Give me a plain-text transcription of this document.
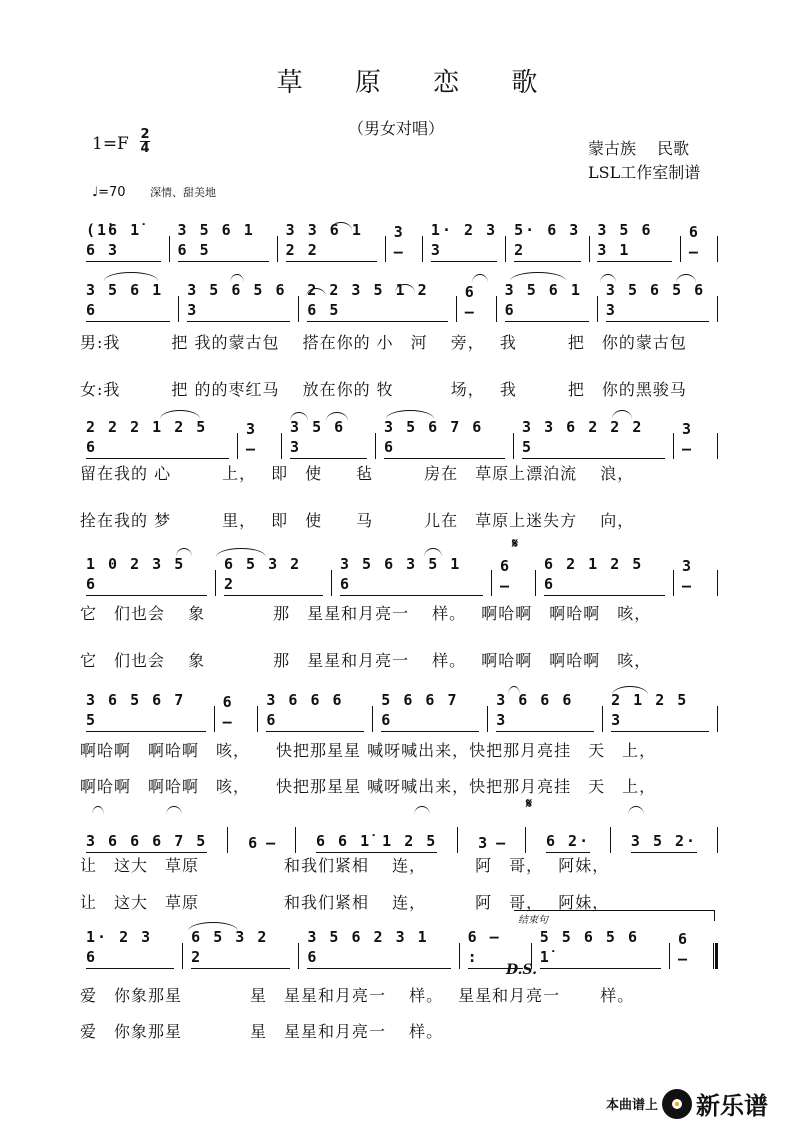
草 原 恋 歌
（男女对唱）
1=F 2
4	蒙古族　 民歌
LSL工作室制谱
♩=70 深情、甜美地
(1̇6 1̇ 6 3
3 5 6 1 6 5
3 3 6 1 2 2
3 –
1· 2 3 3
5· 6 3 2
3 5 6 3 1
6 –
3 5 6 1 6
3 5 6 5 6 3
2 2 3 5 1 2 6 5
6 –
3 5 6 1 6
3 5 6 5 6 3
2 2 2 1 2 5 6
3 –
3 5 6 3
3 5 6 7 6 6
3 3 6 2 2 2 5
3 –
1 0 2 3 5 6
6 5 3 2 2
3 5 6 3 5 1 6
6 –
6 2 1 2 5 6
3 –
3 6 5 6 7 5
6 –
3 6 6 6 6
5 6 6 7 6
3 6 6 6 3
2 1 2 5 3
3 6 6 6 7 5	6 –	6 6 1̇ 1 2 5	3 –	6 2·	3 5 2·
1· 2 3 6
6 5 3 2 2
3 5 6 2 3 1 6
6 – :
5 5 6 5 6 1̇
6 –
男:我　　　把 我的蒙古包　 搭在你的 小　河　 旁，　 我　　　把　你的蒙古包
女:我　　　把 的的枣红马　 放在你的 牧　　　 场，　 我　　　把　你的黑骏马
留在我的 心　　　上，　 即　使　　毡　　　房在　草原上漂泊流　 浪，
拴在我的 梦　　　里，　 即　使　　马　　　儿在　草原上迷失方　 向，
它　们也会　 象　　　　那　星星和月亮一　 样。　 啊哈啊　啊哈啊　咳，
它　们也会　 象　　　　那　星星和月亮一　 样。　 啊哈啊　啊哈啊　咳，
啊哈啊　啊哈啊　咳，　　快把那星星 喊呀喊出来，快把那月亮挂　天　上，
啊哈啊　啊哈啊　咳，　　快把那星星 喊呀喊出来，快把那月亮挂　天　上，
让　这大　草原　　　　　和我们紧相　 连，　　　 阿　哥，　 阿妹，
让　这大　草原　　　　　和我们紧相　 连，　　　 阿　哥，　 阿妹，
爱　你象那星　　　　星　星星和月亮一　 样。　 星星和月亮一　　 样。
爱　你象那星　　　　星　星星和月亮一　 样。
𝄋
𝄋
结束句
D.S.
本曲谱上 新乐谱
